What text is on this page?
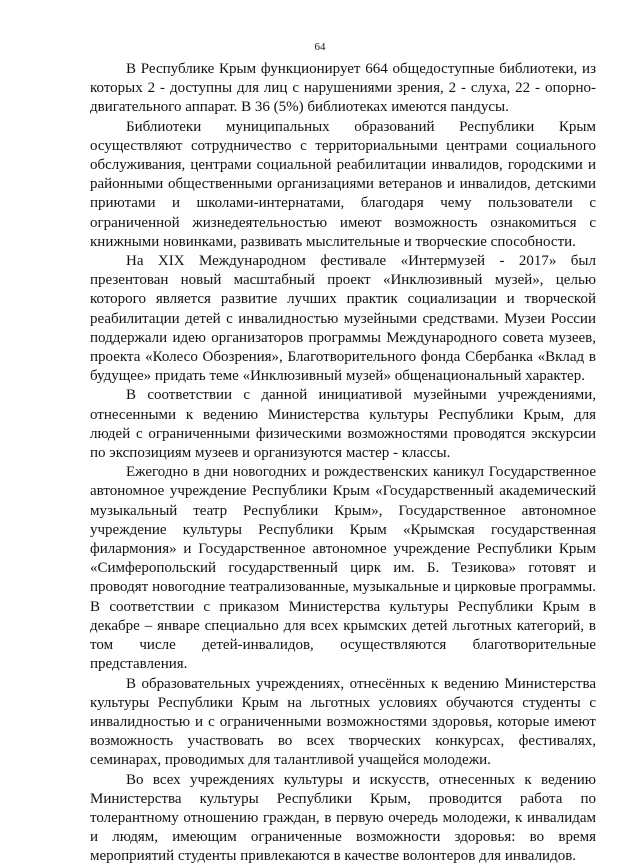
64

В Республике Крым функционирует 664 общедоступные библиотеки, из которых 2 - доступны для лиц с нарушениями зрения, 2 - слуха, 22 - опорно-двигательного аппарат. В 36 (5%) библиотеках имеются пандусы.

Библиотеки муниципальных образований Республики Крым осуществляют сотрудничество с территориальными центрами социального обслуживания, центрами социальной реабилитации инвалидов, городскими и районными общественными организациями ветеранов и инвалидов, детскими приютами и школами-интернатами, благодаря чему пользователи с ограниченной жизнедеятельностью имеют возможность ознакомиться с книжными новинками, развивать мыслительные и творческие способности.

На XIX Международном фестивале «Интермузей - 2017» был презентован новый масштабный проект «Инклюзивный музей», целью которого является развитие лучших практик социализации и творческой реабилитации детей с инвалидностью музейными средствами. Музеи России поддержали идею организаторов программы Международного совета музеев, проекта «Колесо Обозрения», Благотворительного фонда Сбербанка «Вклад в будущее» придать теме «Инклюзивный музей» общенациональный характер.

В соответствии с данной инициативой музейными учреждениями, отнесенными к ведению Министерства культуры Республики Крым, для людей с ограниченными физическими возможностями проводятся экскурсии по экспозициям музеев и организуются мастер - классы.

Ежегодно в дни новогодних и рождественских каникул Государственное автономное учреждение Республики Крым «Государственный академический музыкальный театр Республики Крым», Государственное автономное учреждение культуры Республики Крым «Крымская государственная филармония» и Государственное автономное учреждение Республики Крым «Симферопольский государственный цирк им. Б. Тезикова» готовят и проводят новогодние театрализованные, музыкальные и цирковые программы. В соответствии с приказом Министерства культуры Республики Крым в декабре – январе специально для всех крымских детей льготных категорий, в том числе детей-инвалидов, осуществляются благотворительные представления.

В образовательных учреждениях, отнесённых к ведению Министерства культуры Республики Крым на льготных условиях обучаются студенты с инвалидностью и с ограниченными возможностями здоровья, которые имеют возможность участвовать во всех творческих конкурсах, фестивалях, семинарах, проводимых для талантливой учащейся молодежи.

Во всех учреждениях культуры и искусств, отнесенных к ведению Министерства культуры Республики Крым, проводится работа по толерантному отношению граждан, в первую очередь молодежи, к инвалидам и людям, имеющим ограниченные возможности здоровья: во время мероприятий студенты привлекаются в качестве волонтеров для инвалидов.
